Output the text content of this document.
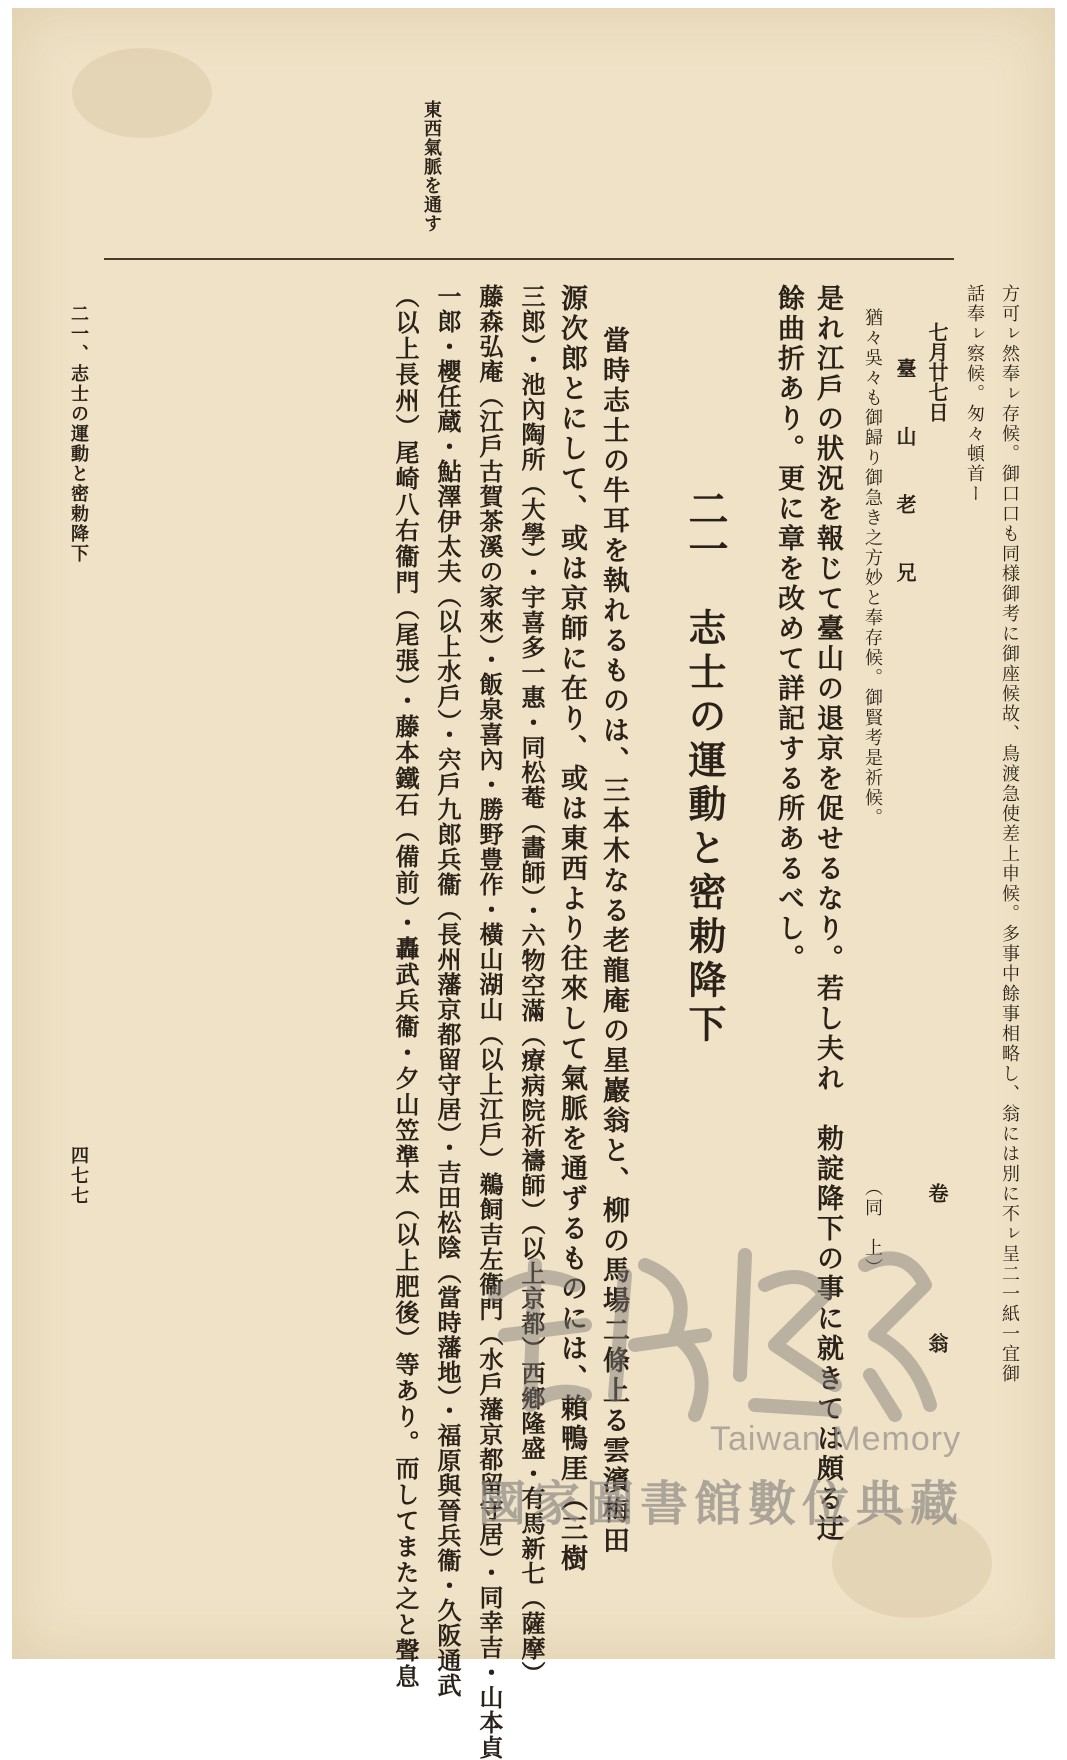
東西氣脈を通す
方可ㇾ然奉ㇾ存候。御口口も同様御考に御座候故、鳥渡急使差上申候。多事中餘事相略し、翁には別に不ㇾ呈二一紙一宜御
話奉ㇾ察候。匆々頓首ー
七月廿七日
卷　　翁
臺　山　老　兄
猶々吳々も御歸り御急き之方妙と奉存候。御賢考是祈候。
（同　上）
是れ江戶の狀況を報じて臺山の退京を促せるなり。若し夫れ　勅諚降下の事に就きては頗る迂
餘曲折あり。更に章を改めて詳記する所あるべし。
二一
志士の運動と密勅降下
當時志士の牛耳を執れるものは、三本木なる老龍庵の星巖翁と、柳の馬場二條上る雲濱梅田
源次郎とにして、或は京師に在り、或は東西より往來して氣脈を通ずるものには、賴鴨厓（三樹
三郎）・池內陶所（大學）・宇喜多一惠・同松菴（畵師）・六物空滿（療病院祈禱師）（以上京都）西鄕隆盛・有馬新七（薩摩）
藤森弘庵（江戶古賀茶溪の家來）・飯泉喜內・勝野豊作・橫山湖山（以上江戶）鵜飼吉左衞門（水戶藩京都留守居）・同幸吉・山本貞
一郎・櫻任蔵・鮎澤伊太夫（以上水戶）・宍戶九郎兵衞（長州藩京都留守居）・吉田松陰（當時藩地）・福原與晉兵衞・久阪通武
（以上長州）尾崎八右衞門（尾張）・藤本鐵石（備前）・轟武兵衞・夕山笠準太（以上肥後）等あり。而してまた之と聲息
二一、志士の運動と密勅降下
四七七
Taiwan Memory
國家圖書館數位典藏
